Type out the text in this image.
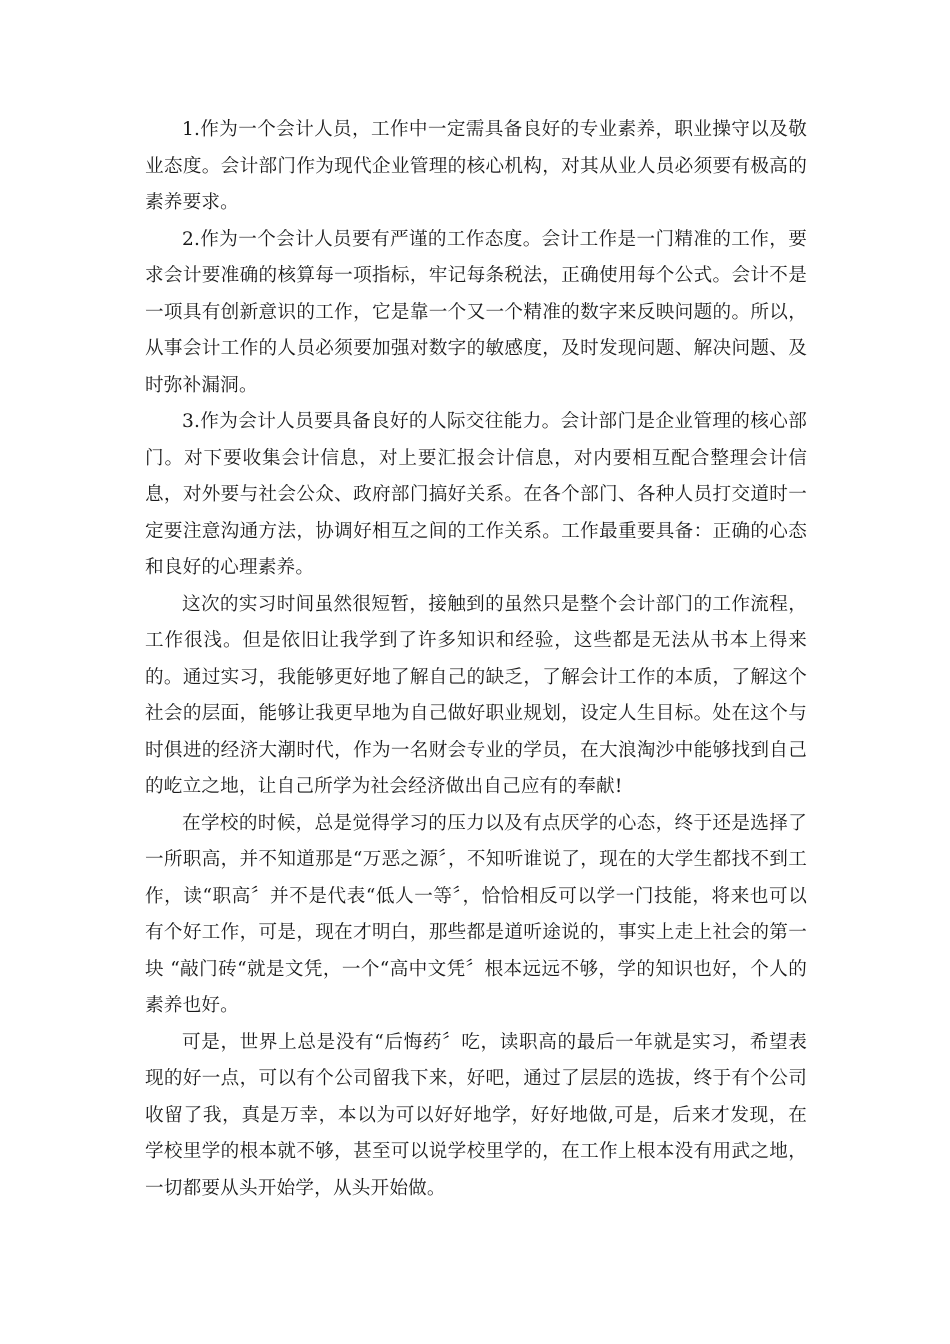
1.作为一个会计人员，工作中一定需具备良好的专业素养，职业操守以及敬业态度。会计部门作为现代企业管理的核心机构，对其从业人员必须要有极高的素养要求。

2.作为一个会计人员要有严谨的工作态度。会计工作是一门精准的工作，要求会计要准确的核算每一项指标，牢记每条税法，正确使用每个公式。会计不是一项具有创新意识的工作，它是靠一个又一个精准的数字来反映问题的。所以，从事会计工作的人员必须要加强对数字的敏感度，及时发现问题、解决问题、及时弥补漏洞。

3.作为会计人员要具备良好的人际交往能力。会计部门是企业管理的核心部门。对下要收集会计信息，对上要汇报会计信息，对内要相互配合整理会计信息，对外要与社会公众、政府部门搞好关系。在各个部门、各种人员打交道时一定要注意沟通方法，协调好相互之间的工作关系。工作最重要具备：正确的心态和良好的心理素养。

这次的实习时间虽然很短暂，接触到的虽然只是整个会计部门的工作流程，工作很浅。但是依旧让我学到了许多知识和经验，这些都是无法从书本上得来的。通过实习，我能够更好地了解自己的缺乏，了解会计工作的本质，了解这个社会的层面，能够让我更早地为自己做好职业规划，设定人生目标。处在这个与时俱进的经济大潮时代，作为一名财会专业的学员，在大浪淘沙中能够找到自己的屹立之地，让自己所学为社会经济做出自己应有的奉献!

在学校的时候，总是觉得学习的压力以及有点厌学的心态，终于还是选择了一所职高，并不知道那是“万恶之源〞，不知听谁说了，现在的大学生都找不到工作，读“职高〞并不是代表“低人一等〞，恰恰相反可以学一门技能，将来也可以有个好工作，可是，现在才明白，那些都是道听途说的，事实上走上社会的第一块 “敲门砖“就是文凭，一个“高中文凭〞根本远远不够，学的知识也好，个人的素养也好。

可是，世界上总是没有“后悔药〞吃，读职高的最后一年就是实习，希望表现的好一点，可以有个公司留我下来，好吧，通过了层层的选拔，终于有个公司收留了我，真是万幸，本以为可以好好地学，好好地做,可是，后来才发现，在学校里学的根本就不够，甚至可以说学校里学的，在工作上根本没有用武之地，一切都要从头开始学，从头开始做。
